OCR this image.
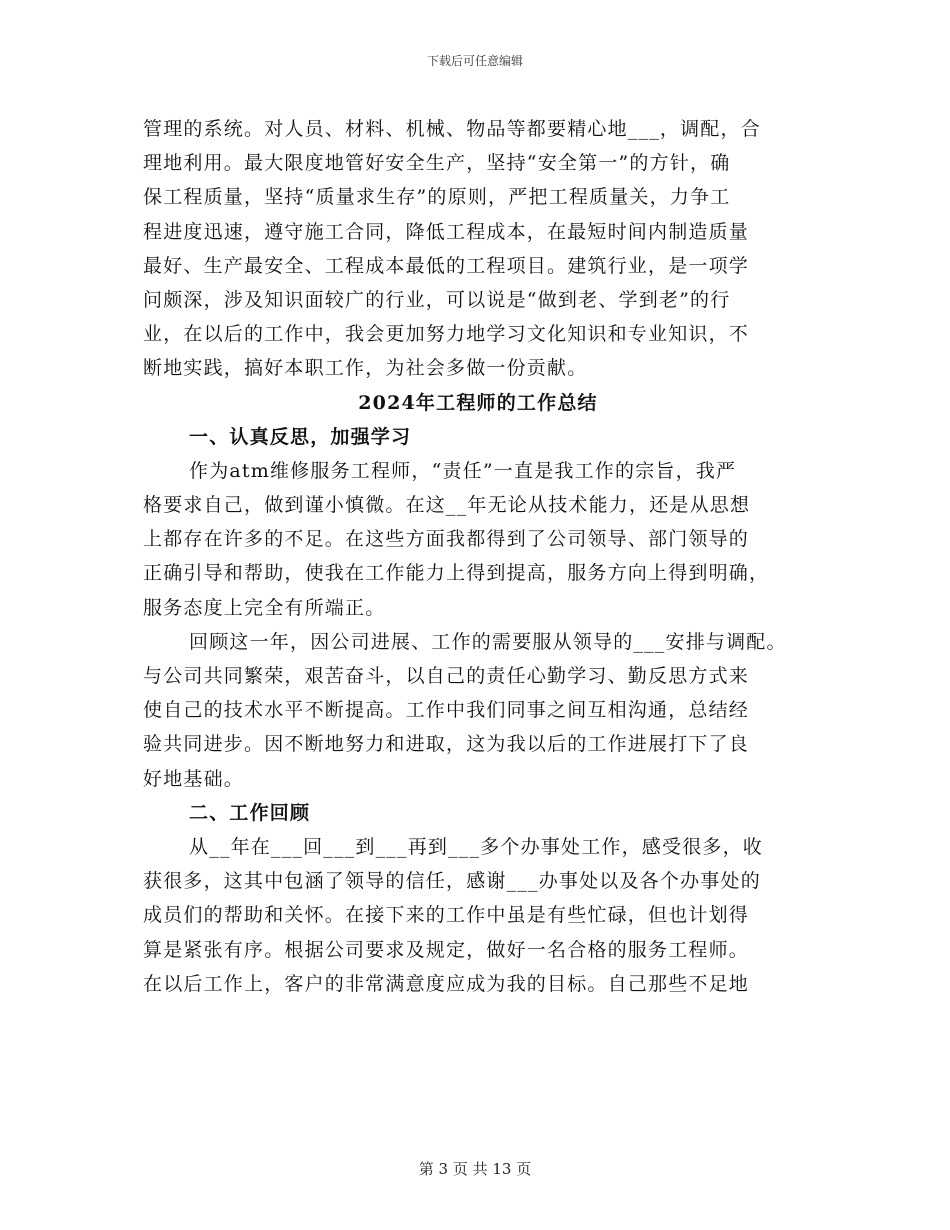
下载后可任意编辑
管理的系统。对人员、材料、机械、物品等都要精心地___，调配，合
理地利用。最大限度地管好安全生产，坚持“安全第一”的方针，确
保工程质量，坚持“质量求生存”的原则，严把工程质量关，力争工
程进度迅速，遵守施工合同，降低工程成本，在最短时间内制造质量
最好、生产最安全、工程成本最低的工程项目。建筑行业，是一项学
问颇深，涉及知识面较广的行业，可以说是“做到老、学到老”的行
业，在以后的工作中，我会更加努力地学习文化知识和专业知识，不
断地实践，搞好本职工作，为社会多做一份贡献。
2024年工程师的工作总结
一、认真反思，加强学习
作为atm维修服务工程师，“责任”一直是我工作的宗旨，我严
格要求自己，做到谨小慎微。在这__年无论从技术能力，还是从思想
上都存在许多的不足。在这些方面我都得到了公司领导、部门领导的
正确引导和帮助，使我在工作能力上得到提高，服务方向上得到明确，
服务态度上完全有所端正。
回顾这一年，因公司进展、工作的需要服从领导的___安排与调配。
与公司共同繁荣，艰苦奋斗，以自己的责任心勤学习、勤反思方式来
使自己的技术水平不断提高。工作中我们同事之间互相沟通，总结经
验共同进步。因不断地努力和进取，这为我以后的工作进展打下了良
好地基础。
二、工作回顾
从__年在___回___到___再到___多个办事处工作，感受很多，收
获很多，这其中包涵了领导的信任，感谢___办事处以及各个办事处的
成员们的帮助和关怀。在接下来的工作中虽是有些忙碌，但也计划得
算是紧张有序。根据公司要求及规定，做好一名合格的服务工程师。
在以后工作上，客户的非常满意度应成为我的目标。自己那些不足地
第 3 页 共 13 页
